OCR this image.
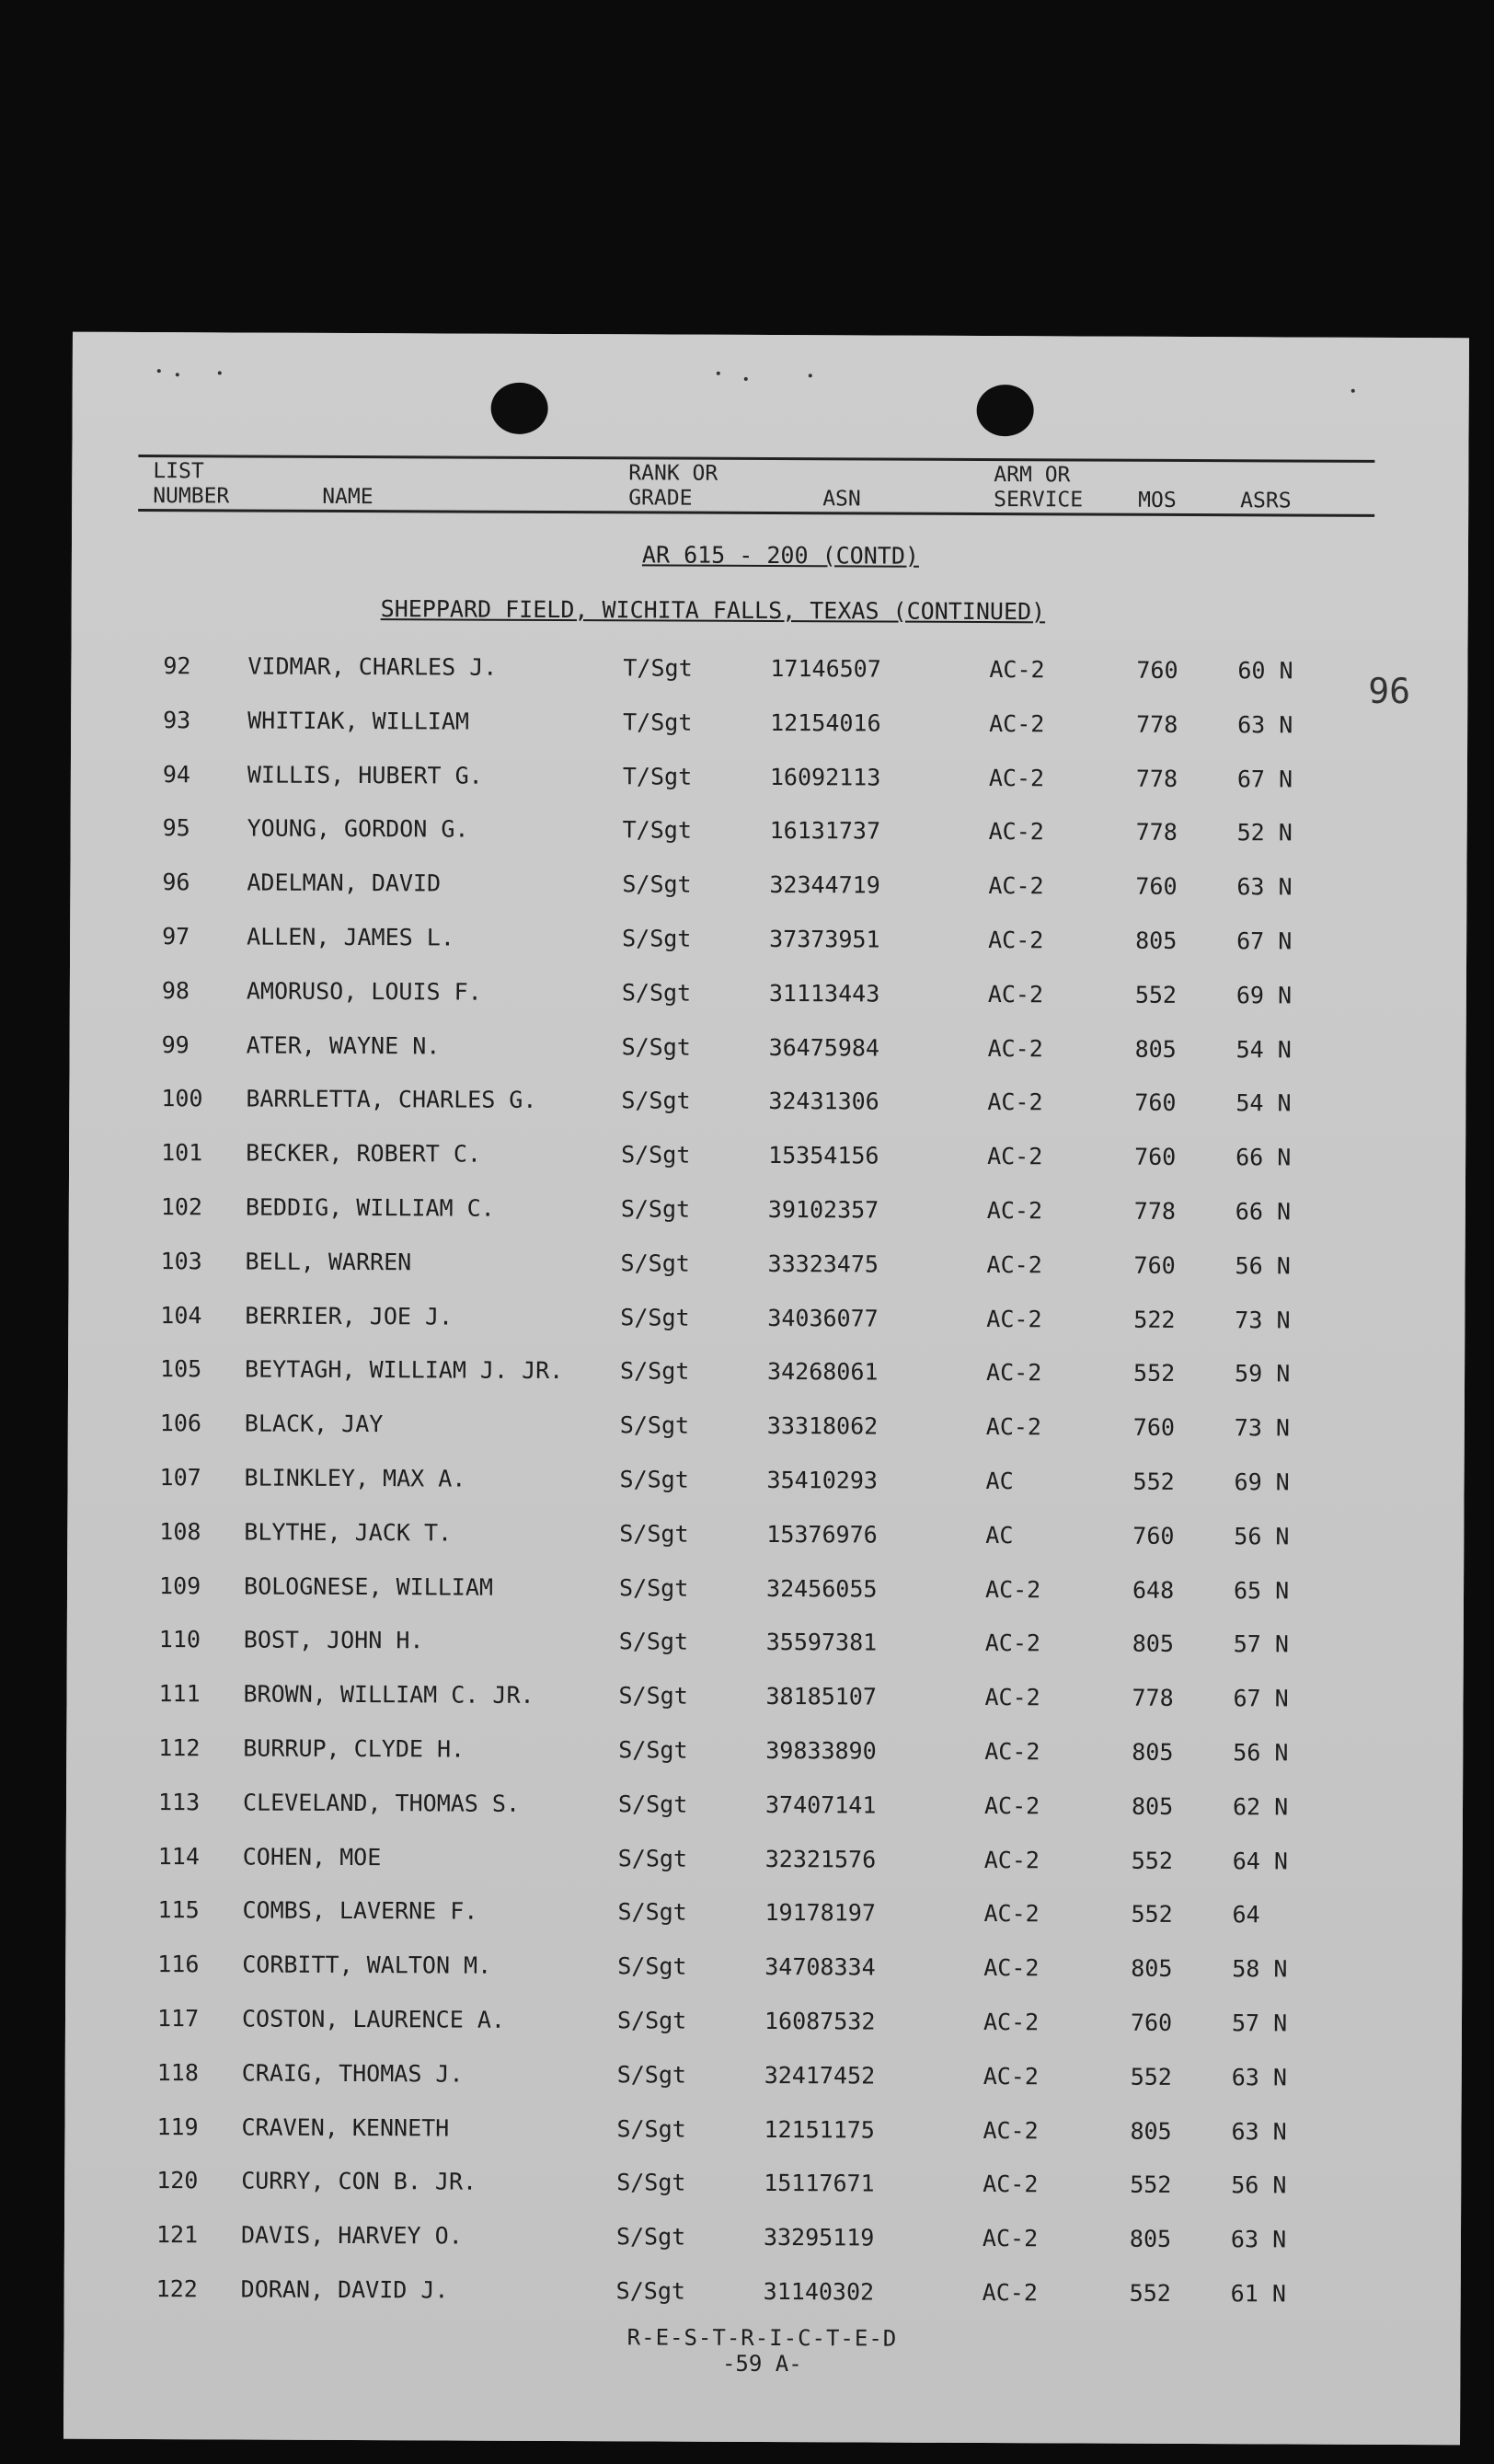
LIST
NUMBER	NAME
RANK OR
GRADE	ASN
ARM OR
SERVICE	MOS	ASRS
AR 615 - 200 (CONTD)
SHEPPARD FIELD, WICHITA FALLS, TEXAS (CONTINUED)
96
92 VIDMAR, CHARLES J.	T/Sgt	17146507	AC-2	760	60 N
93 WHITIAK, WILLIAM	T/Sgt	12154016	AC-2	778	63 N
94 WILLIS, HUBERT G.	T/Sgt	16092113	AC-2	778	67 N
95 YOUNG, GORDON G.	T/Sgt	16131737	AC-2	778	52 N
96 ADELMAN, DAVID	S/Sgt	32344719	AC-2	760	63 N
97 ALLEN, JAMES L.	S/Sgt	37373951	AC-2	805	67 N
98 AMORUSO, LOUIS F.	S/Sgt	31113443	AC-2	552	69 N
99 ATER, WAYNE N.	S/Sgt	36475984	AC-2	805	54 N
100 BARRLETTA, CHARLES G.	S/Sgt	32431306	AC-2	760	54 N
101 BECKER, ROBERT C.	S/Sgt	15354156	AC-2	760	66 N
102 BEDDIG, WILLIAM C.	S/Sgt	39102357	AC-2	778	66 N
103 BELL, WARREN	S/Sgt	33323475	AC-2	760	56 N
104 BERRIER, JOE J.	S/Sgt	34036077	AC-2	522	73 N
105 BEYTAGH, WILLIAM J. JR. S/Sgt	34268061	AC-2	552	59 N
106 BLACK, JAY	S/Sgt	33318062	AC-2	760	73 N
107 BLINKLEY, MAX A.	S/Sgt	35410293	AC	552	69 N
108 BLYTHE, JACK T.	S/Sgt	15376976	AC	760	56 N
109 BOLOGNESE, WILLIAM	S/Sgt	32456055	AC-2	648	65 N
110 BOST, JOHN H.	S/Sgt	35597381	AC-2	805	57 N
111 BROWN, WILLIAM C. JR.	S/Sgt	38185107	AC-2	778	67 N
112 BURRUP, CLYDE H.	S/Sgt	39833890	AC-2	805	56 N
113 CLEVELAND, THOMAS S.	S/Sgt	37407141	AC-2	805	62 N
114 COHEN, MOE	S/Sgt	32321576	AC-2	552	64 N
115 COMBS, LAVERNE F.	S/Sgt	19178197	AC-2	552	64
116 CORBITT, WALTON M.	S/Sgt	34708334	AC-2	805	58 N
117 COSTON, LAURENCE A.	S/Sgt	16087532	AC-2	760	57 N
118 CRAIG, THOMAS J.	S/Sgt	32417452	AC-2	552	63 N
119 CRAVEN, KENNETH	S/Sgt	12151175	AC-2	805	63 N
120 CURRY, CON B. JR.	S/Sgt	15117671	AC-2	552	56 N
121 DAVIS, HARVEY O.	S/Sgt	33295119	AC-2	805	63 N
122 DORAN, DAVID J.	S/Sgt	31140302	AC-2	552	61 N
R-E-S-T-R-I-C-T-E-D
-59 A-
